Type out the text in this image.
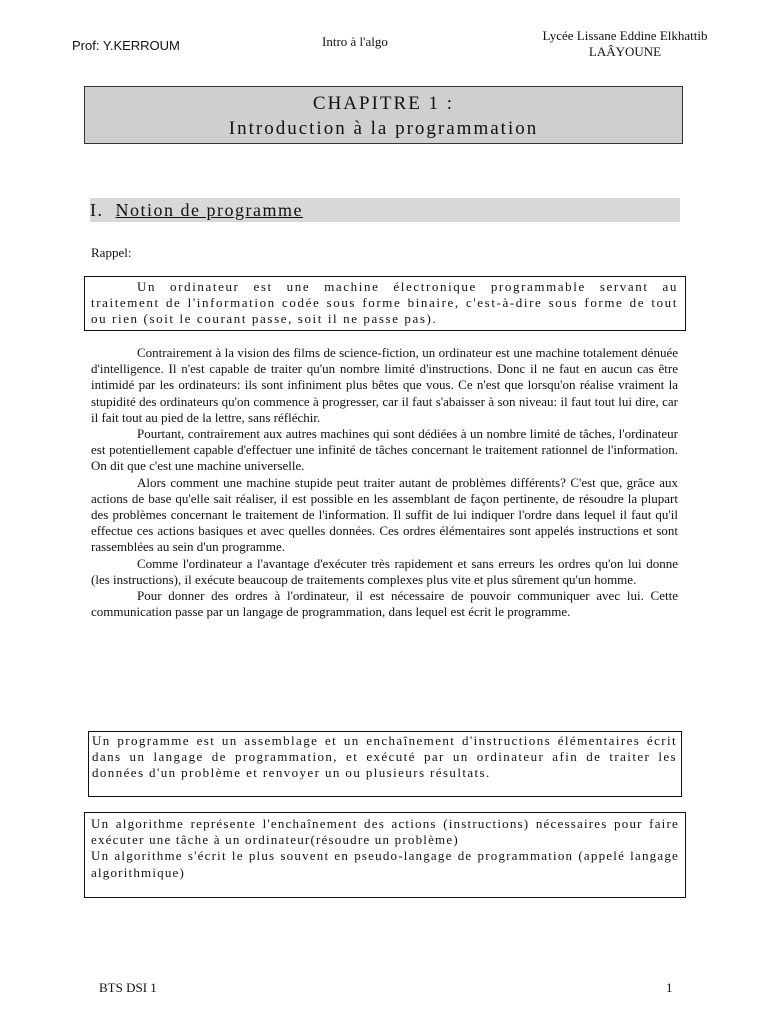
Prof: Y.KERROUM	Intro à l'algo	Lycée Lissane Eddine Elkhattib
LAÂYOUNE
CHAPITRE 1 :
Introduction à la programmation
I. Notion de programme
Rappel:

Un ordinateur est une machine électronique programmable servant au traitement de l'information codée sous forme binaire, c'est-à-dire sous forme de tout ou rien (soit le courant passe, soit il ne passe pas).

Contrairement à la vision des films de science-fiction, un ordinateur est une machine totalement dénuée d'intelligence. Il n'est capable de traiter qu'un nombre limité d'instructions. Donc il ne faut en aucun cas être intimidé par les ordinateurs: ils sont infiniment plus bêtes que vous. Ce n'est que lorsqu'on réalise vraiment la stupidité des ordinateurs qu'on commence à progresser, car il faut s'abaisser à son niveau: il faut tout lui dire, car il fait tout au pied de la lettre, sans réfléchir.

Pourtant, contrairement aux autres machines qui sont dédiées à un nombre limité de tâches, l'ordinateur est potentiellement capable d'effectuer une infinité de tâches concernant le traitement rationnel de l'information. On dit que c'est une machine universelle.

Alors comment une machine stupide peut traiter autant de problèmes différents? C'est que, grâce aux actions de base qu'elle sait réaliser, il est possible en les assemblant de façon pertinente, de résoudre la plupart des problèmes concernant le traitement de l'information. Il suffit de lui indiquer l'ordre dans lequel il faut qu'il effectue ces actions basiques et avec quelles données. Ces ordres élémentaires sont appelés instructions et sont rassemblées au sein d'un programme.

Comme l'ordinateur a l'avantage d'exécuter très rapidement et sans erreurs les ordres qu'on lui donne (les instructions), il exécute beaucoup de traitements complexes plus vite et plus sûrement qu'un homme.

Pour donner des ordres à l'ordinateur, il est nécessaire de pouvoir communiquer avec lui. Cette communication passe par un langage de programmation, dans lequel est écrit le programme.

Un programme est un assemblage et un enchaînement d'instructions élémentaires écrit dans un langage de programmation, et exécuté par un ordinateur afin de traiter les données d'un problème et renvoyer un ou plusieurs résultats.

Un algorithme représente l'enchaînement des actions (instructions) nécessaires pour faire exécuter une tâche à un ordinateur(résoudre un problème)

Un algorithme s'écrit le plus souvent en pseudo-langage de programmation (appelé langage algorithmique)

BTS DSI 1	1
